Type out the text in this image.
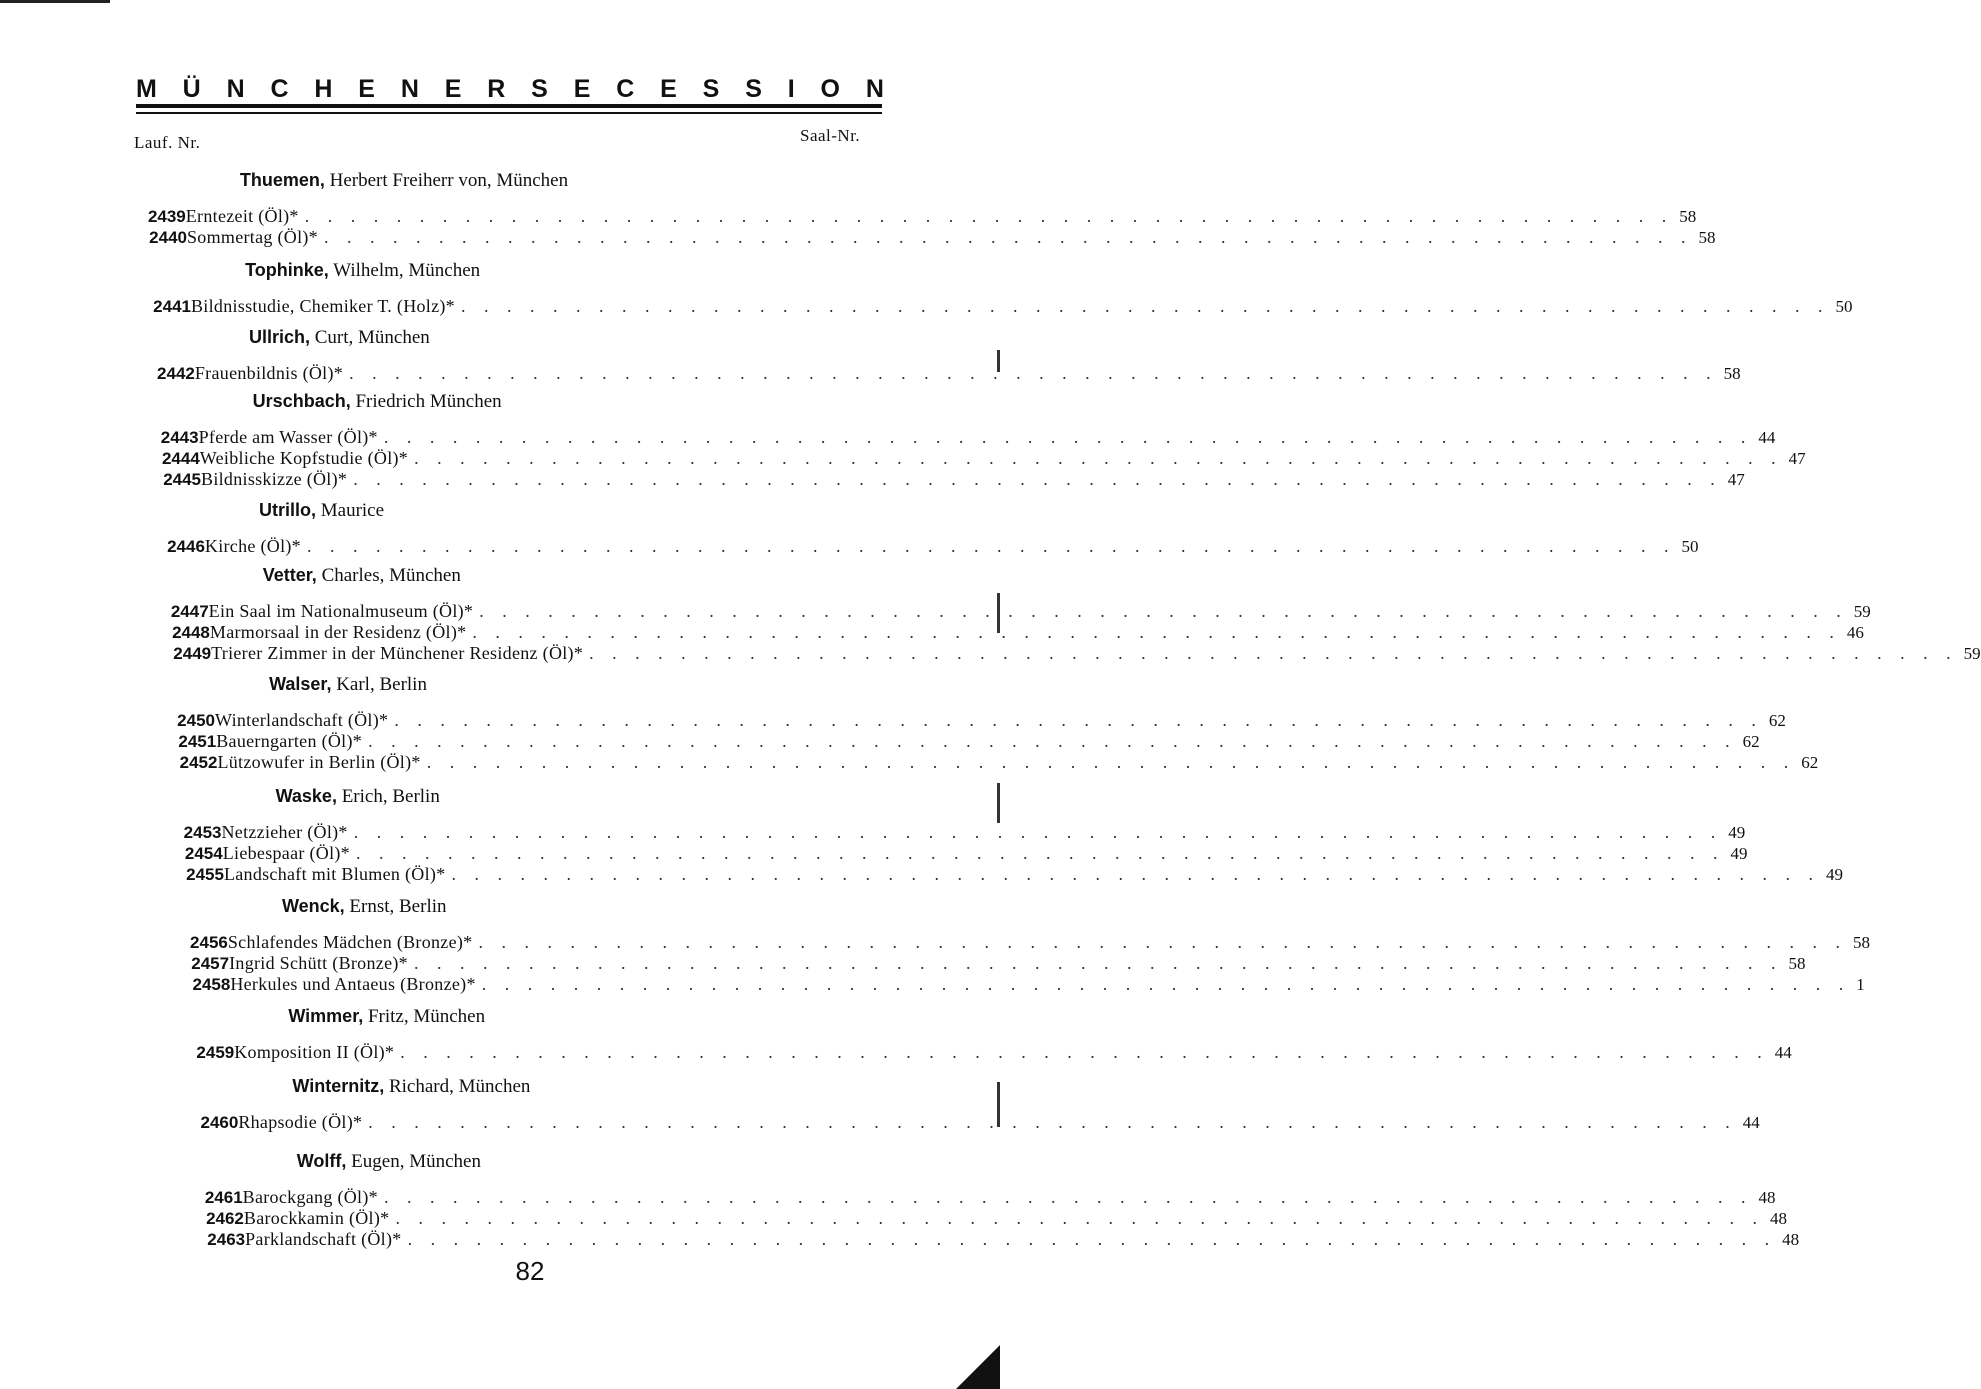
M Ü N C H E N E R S E C E S S I O N
Lauf. Nr.	Saal-Nr.
Thuemen, Herbert Freiherr von, München
2439 Erntezeit (Öl)* . . . . . . . . . . . . . . . . . . . . . . . . . . . . . . . . . . . . . . . . . . . . . . . . . . . . . . . . . . . . 58
2440 Sommertag (Öl)* . . . . . . . . . . . . . . . . . . . . . . . . . . . . . . . . . . . . . . . . . . . . . . . . . . . . . . . . . . . . 58
Tophinke, Wilhelm, München
2441 Bildnisstudie, Chemiker T. (Holz)* . . . . . . . . . . . . . . . . . . . . . . . . . . . . . . . . . . . . . . . . . . . . . . . . . . . . . . . . . . . . 50
Ullrich, Curt, München
2442 Frauenbildnis (Öl)* . . . . . . . . . . . . . . . . . . . . . . . . . . . . . . . . . . . . . . . . . . . . . . . . . . . . . . . . . . . . 58
Urschbach, Friedrich München
2443 Pferde am Wasser (Öl)* . . . . . . . . . . . . . . . . . . . . . . . . . . . . . . . . . . . . . . . . . . . . . . . . . . . . . . . . . . . . 44
2444 Weibliche Kopfstudie (Öl)* . . . . . . . . . . . . . . . . . . . . . . . . . . . . . . . . . . . . . . . . . . . . . . . . . . . . . . . . . . . . 47
2445 Bildnisskizze (Öl)* . . . . . . . . . . . . . . . . . . . . . . . . . . . . . . . . . . . . . . . . . . . . . . . . . . . . . . . . . . . . 47
Utrillo, Maurice
2446 Kirche (Öl)* . . . . . . . . . . . . . . . . . . . . . . . . . . . . . . . . . . . . . . . . . . . . . . . . . . . . . . . . . . . . 50
Vetter, Charles, München
2447 Ein Saal im Nationalmuseum (Öl)* . . . . . . . . . . . . . . . . . . . . . . . . . . . . . . . . . . . . . . . . . . . . . . . . . . . . . . . . . . . . 59
2448 Marmorsaal in der Residenz (Öl)* . . . . . . . . . . . . . . . . . . . . . . . . . . . . . . . . . . . . . . . . . . . . . . . . . . . . . . . . . . . . 46
2449 Trierer Zimmer in der Münchener Residenz (Öl)* . . . . . . . . . . . . . . . . . . . . . . . . . . . . . . . . . . . . . . . . . . . . . . . . . . . . . . . . . . . . 59
Walser, Karl, Berlin
2450 Winterlandschaft (Öl)* . . . . . . . . . . . . . . . . . . . . . . . . . . . . . . . . . . . . . . . . . . . . . . . . . . . . . . . . . . . . 62
2451 Bauerngarten (Öl)* . . . . . . . . . . . . . . . . . . . . . . . . . . . . . . . . . . . . . . . . . . . . . . . . . . . . . . . . . . . . 62
2452 Lützowufer in Berlin (Öl)* . . . . . . . . . . . . . . . . . . . . . . . . . . . . . . . . . . . . . . . . . . . . . . . . . . . . . . . . . . . . 62
Waske, Erich, Berlin
2453 Netzzieher (Öl)* . . . . . . . . . . . . . . . . . . . . . . . . . . . . . . . . . . . . . . . . . . . . . . . . . . . . . . . . . . . . 49
2454 Liebespaar (Öl)* . . . . . . . . . . . . . . . . . . . . . . . . . . . . . . . . . . . . . . . . . . . . . . . . . . . . . . . . . . . . 49
2455 Landschaft mit Blumen (Öl)* . . . . . . . . . . . . . . . . . . . . . . . . . . . . . . . . . . . . . . . . . . . . . . . . . . . . . . . . . . . . 49
Wenck, Ernst, Berlin
2456 Schlafendes Mädchen (Bronze)* . . . . . . . . . . . . . . . . . . . . . . . . . . . . . . . . . . . . . . . . . . . . . . . . . . . . . . . . . . . . 58
2457 Ingrid Schütt (Bronze)* . . . . . . . . . . . . . . . . . . . . . . . . . . . . . . . . . . . . . . . . . . . . . . . . . . . . . . . . . . . . 58
2458 Herkules und Antaeus (Bronze)* . . . . . . . . . . . . . . . . . . . . . . . . . . . . . . . . . . . . . . . . . . . . . . . . . . . . . . . . . . . . 1
Wimmer, Fritz, München
2459 Komposition II (Öl)* . . . . . . . . . . . . . . . . . . . . . . . . . . . . . . . . . . . . . . . . . . . . . . . . . . . . . . . . . . . . 44
Winternitz, Richard, München
2460 Rhapsodie (Öl)* . . . . . . . . . . . . . . . . . . . . . . . . . . . . . . . . . . . . . . . . . . . . . . . . . . . . . . . . . . . . 44
Wolff, Eugen, München
2461 Barockgang (Öl)* . . . . . . . . . . . . . . . . . . . . . . . . . . . . . . . . . . . . . . . . . . . . . . . . . . . . . . . . . . . . 48
2462 Barockkamin (Öl)* . . . . . . . . . . . . . . . . . . . . . . . . . . . . . . . . . . . . . . . . . . . . . . . . . . . . . . . . . . . . 48
2463 Parklandschaft (Öl)* . . . . . . . . . . . . . . . . . . . . . . . . . . . . . . . . . . . . . . . . . . . . . . . . . . . . . . . . . . . . 48
82
